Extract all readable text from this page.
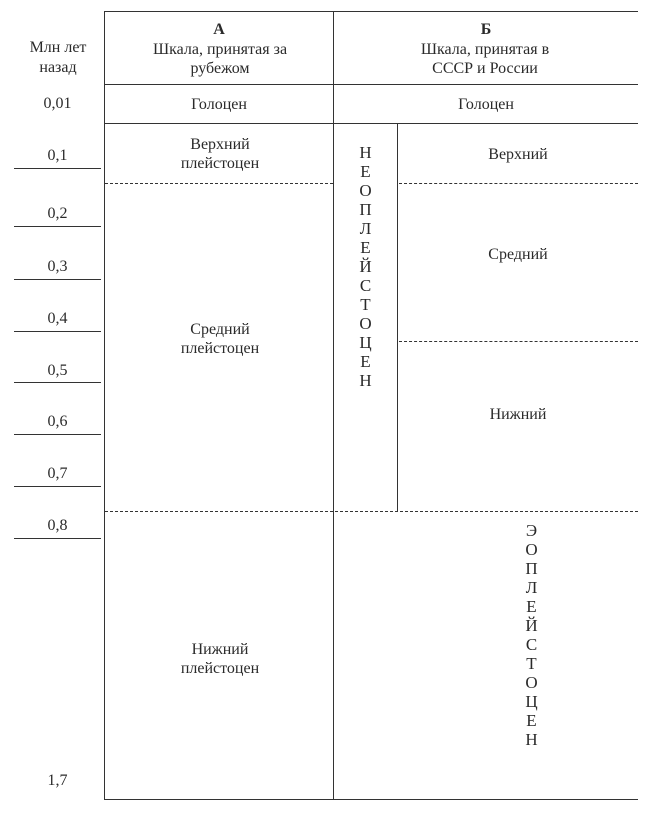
Млн лет назад
А
Шкала, принятая за рубежом
Б
Шкала, принятая в СССР и России
0,01
0,1
0,2
0,3
0,4
0,5
0,6
0,7
0,8
1,7
Голоцен
Верхний плейстоцен
Средний плейстоцен
Нижний плейстоцен
Голоцен
Н
Е
О
П
Л
Е
Й
С
Т
О
Ц
Е
Н
Верхний
Средний
Нижний
Э
О
П
Л
Е
Й
С
Т
О
Ц
Е
Н
